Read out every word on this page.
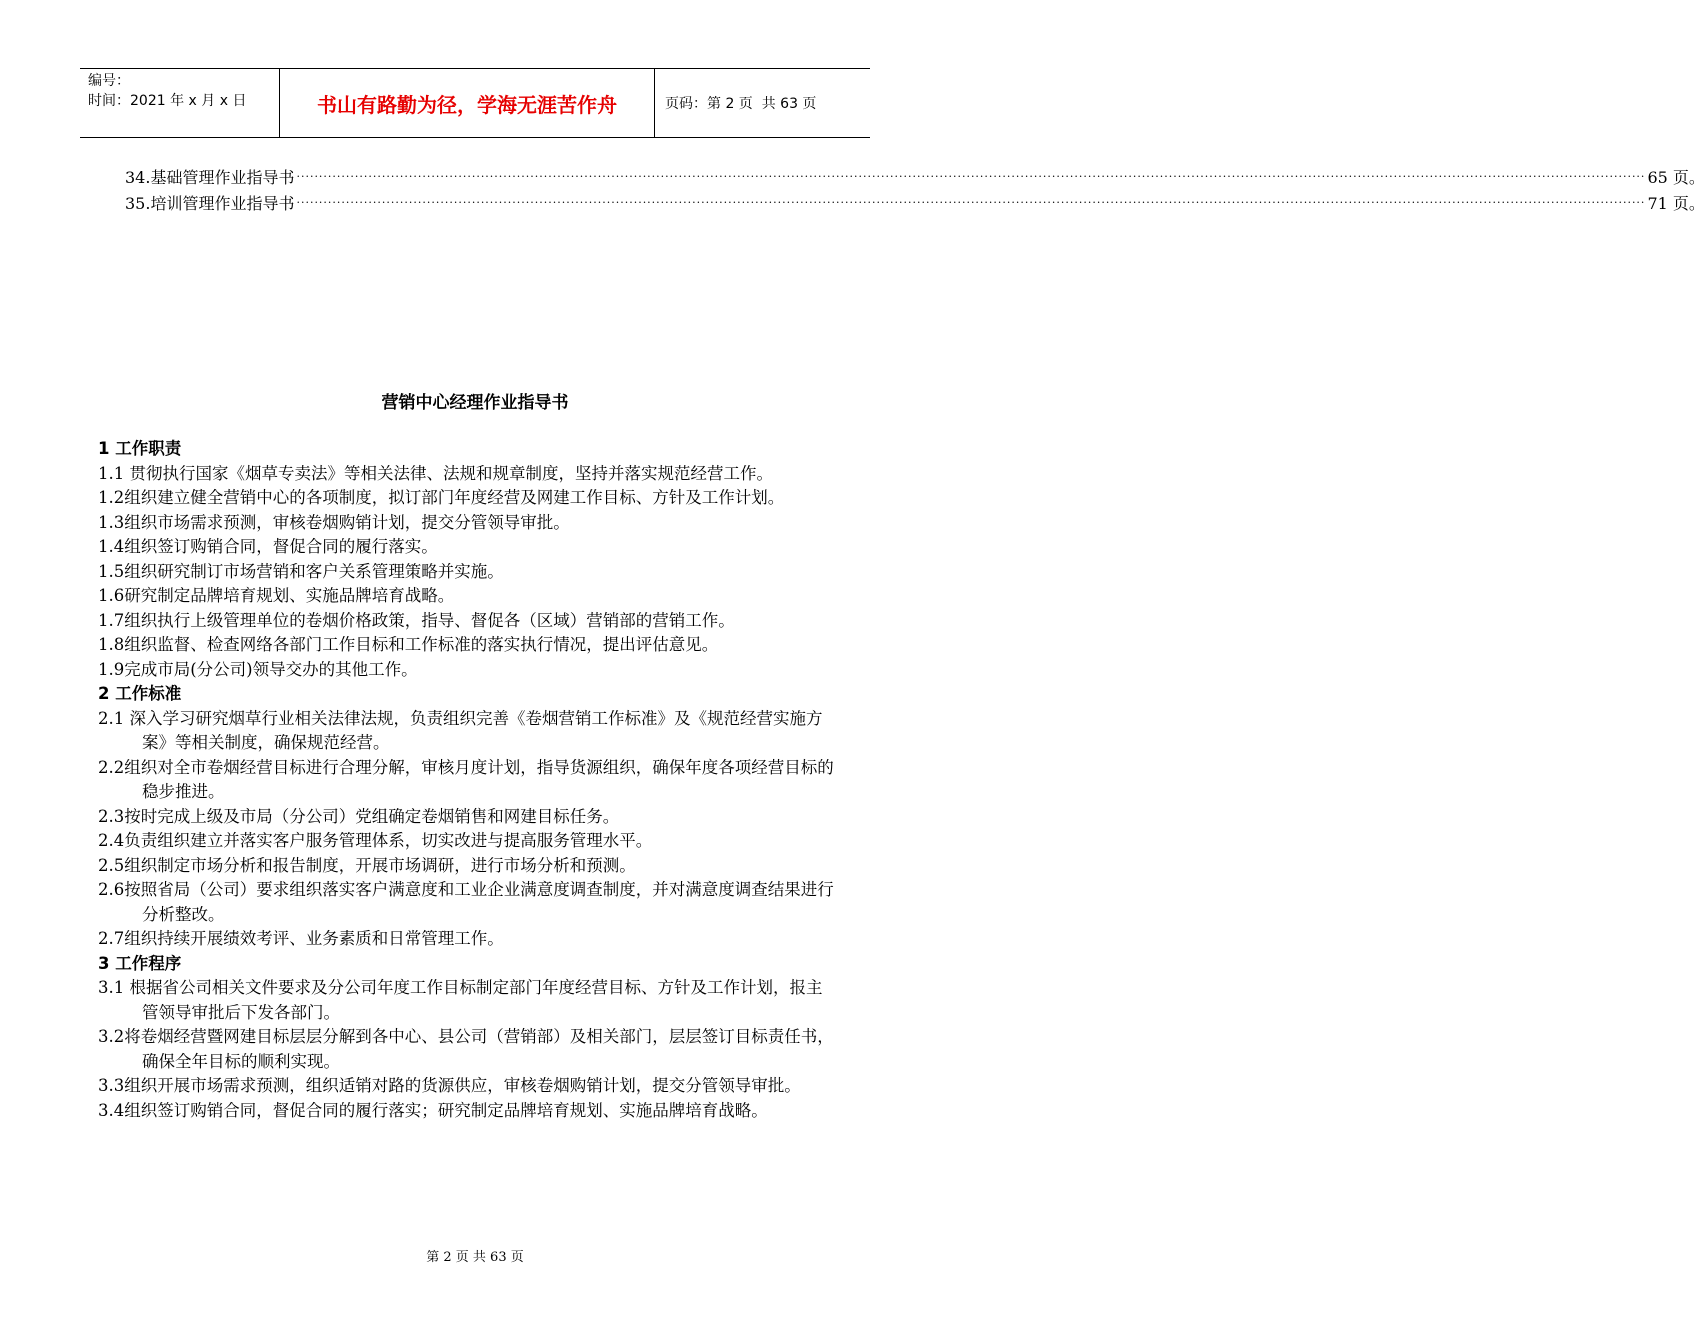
编号：
时间：2021 年 x 月 x 日	书山有路勤为径，学海无涯苦作舟	页码：第 2 页  共 63 页
34.基础管理作业指导书 ············································································································································································································································································································ 65 页。
35.培训管理作业指导书 ············································································································································································································································································································ 71 页。
营销中心经理作业指导书
1 工作职责
1.1 贯彻执行国家《烟草专卖法》等相关法律、法规和规章制度，坚持并落实规范经营工作。
1.2组织建立健全营销中心的各项制度，拟订部门年度经营及网建工作目标、方针及工作计划。
1.3组织市场需求预测，审核卷烟购销计划，提交分管领导审批。
1.4组织签订购销合同，督促合同的履行落实。
1.5组织研究制订市场营销和客户关系管理策略并实施。
1.6研究制定品牌培育规划、实施品牌培育战略。
1.7组织执行上级管理单位的卷烟价格政策，指导、督促各（区域）营销部的营销工作。
1.8组织监督、检查网络各部门工作目标和工作标准的落实执行情况，提出评估意见。
1.9完成市局(分公司)领导交办的其他工作。
2 工作标准
2.1 深入学习研究烟草行业相关法律法规，负责组织完善《卷烟营销工作标准》及《规范经营实施方案》等相关制度，确保规范经营。
2.2组织对全市卷烟经营目标进行合理分解，审核月度计划，指导货源组织，确保年度各项经营目标的稳步推进。
2.3按时完成上级及市局（分公司）党组确定卷烟销售和网建目标任务。
2.4负责组织建立并落实客户服务管理体系，切实改进与提高服务管理水平。
2.5组织制定市场分析和报告制度，开展市场调研，进行市场分析和预测。
2.6按照省局（公司）要求组织落实客户满意度和工业企业满意度调查制度，并对满意度调查结果进行分析整改。
2.7组织持续开展绩效考评、业务素质和日常管理工作。
3 工作程序
3.1 根据省公司相关文件要求及分公司年度工作目标制定部门年度经营目标、方针及工作计划，报主管领导审批后下发各部门。
3.2将卷烟经营暨网建目标层层分解到各中心、县公司（营销部）及相关部门，层层签订目标责任书，确保全年目标的顺利实现。
3.3组织开展市场需求预测，组织适销对路的货源供应，审核卷烟购销计划，提交分管领导审批。
3.4组织签订购销合同，督促合同的履行落实；研究制定品牌培育规划、实施品牌培育战略。
第 2 页 共 63 页
